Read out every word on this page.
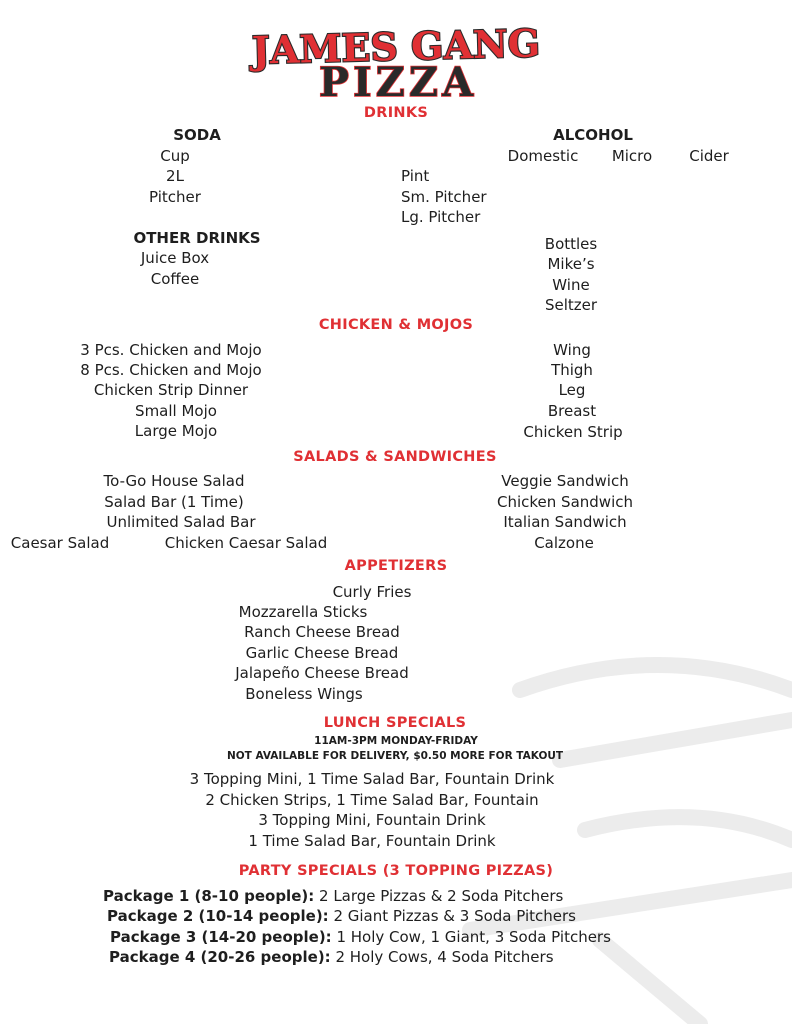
JAMES GANG
PIZZA
DRINKS
SODA
Cup
2L
Pitcher
ALCOHOL
Domestic Micro Cider
Pint
Sm. Pitcher
Lg. Pitcher
OTHER DRINKS
Juice Box
Coffee
Bottles
Mike’s
Wine
Seltzer
CHICKEN & MOJOS
3 Pcs. Chicken and Mojo
8 Pcs. Chicken and Mojo
Chicken Strip Dinner
Small Mojo
Large Mojo
Wing
Thigh
Leg
Breast
Chicken Strip
SALADS & SANDWICHES
To-Go House Salad
Salad Bar (1 Time)
Unlimited Salad Bar
Caesar Salad	Chicken Caesar Salad
Veggie Sandwich
Chicken Sandwich
Italian Sandwich
Calzone
APPETIZERS
Curly Fries
Mozzarella Sticks
Ranch Cheese Bread
Garlic Cheese Bread
Jalapeño Cheese Bread
Boneless Wings
LUNCH SPECIALS
11AM-3PM MONDAY-FRIDAY
NOT AVAILABLE FOR DELIVERY, $0.50 MORE FOR TAKOUT
3 Topping Mini, 1 Time Salad Bar, Fountain Drink
2 Chicken Strips, 1 Time Salad Bar, Fountain
3 Topping Mini, Fountain Drink
1 Time Salad Bar, Fountain Drink
PARTY SPECIALS (3 TOPPING PIZZAS)
Package 1 (8-10 people): 2 Large Pizzas & 2 Soda Pitchers
Package 2 (10-14 people): 2 Giant Pizzas & 3 Soda Pitchers
Package 3 (14-20 people): 1 Holy Cow, 1 Giant, 3 Soda Pitchers
Package 4 (20-26 people): 2 Holy Cows, 4 Soda Pitchers
